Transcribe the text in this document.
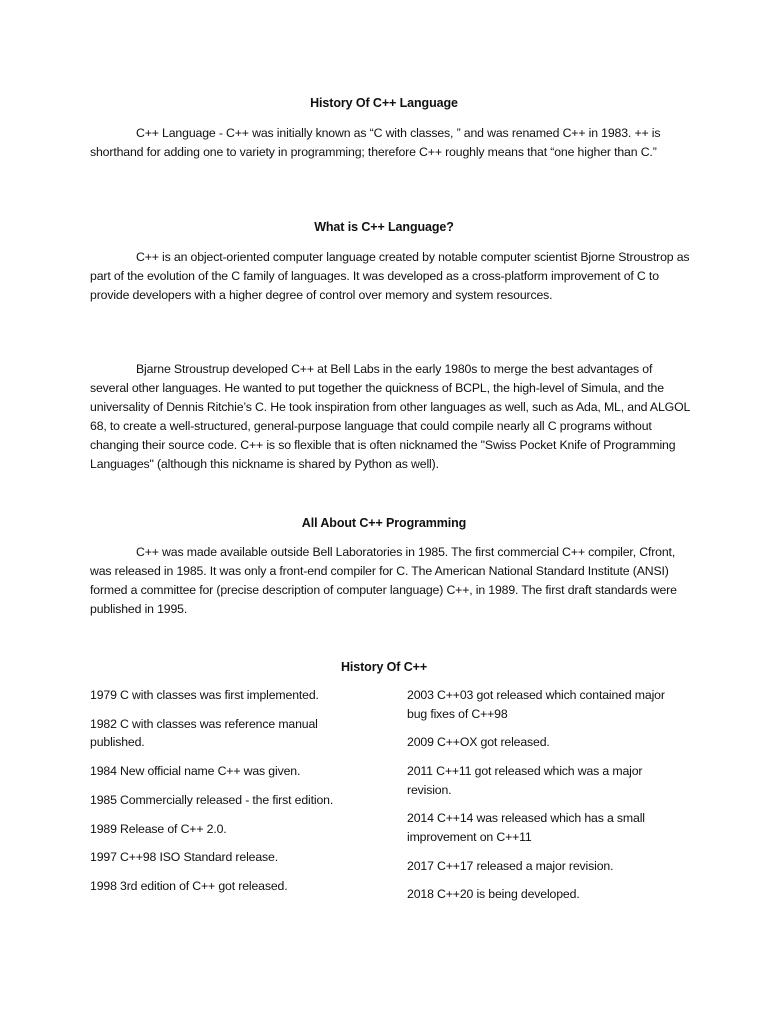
History Of C++ Language

C++ Language - C++ was initially known as “C with classes, ” and was renamed C++ in 1983. ++ is shorthand for adding one to variety in programming; therefore C++ roughly means that “one higher than C.”

What is C++ Language?

C++ is an object-oriented computer language created by notable computer scientist Bjorne Stroustrop as part of the evolution of the C family of languages. It was developed as a cross-platform improvement of C to provide developers with a higher degree of control over memory and system resources.

Bjarne Stroustrup developed C++ at Bell Labs in the early 1980s to merge the best advantages of several other languages. He wanted to put together the quickness of BCPL, the high-level of Simula, and the universality of Dennis Ritchie’s C. He took inspiration from other languages as well, such as Ada, ML, and ALGOL 68, to create a well-structured, general-purpose language that could compile nearly all C programs without changing their source code. C++ is so flexible that is often nicknamed the "Swiss Pocket Knife of Programming Languages" (although this nickname is shared by Python as well).

All About C++ Programming

C++ was made available outside Bell Laboratories in 1985. The first commercial C++ compiler, Cfront, was released in 1985. It was only a front-end compiler for C. The American National Standard Institute (ANSI) formed a committee for (precise description of computer language) C++, in 1989. The first draft standards were published in 1995.

History Of C++
1979 C with classes was first implemented.
1982 C with classes was reference manual published.
1984 New official name C++ was given.
1985 Commercially released - the first edition.
1989 Release of C++ 2.0.
1997 C++98 ISO Standard release.
1998 3rd edition of C++ got released.
2003 C++03 got released which contained major bug fixes of C++98
2009 C++OX got released.
2011 C++11 got released which was a major revision.
2014 C++14 was released which has a small improvement on C++11
2017 C++17 released a major revision.
2018 C++20 is being developed.
